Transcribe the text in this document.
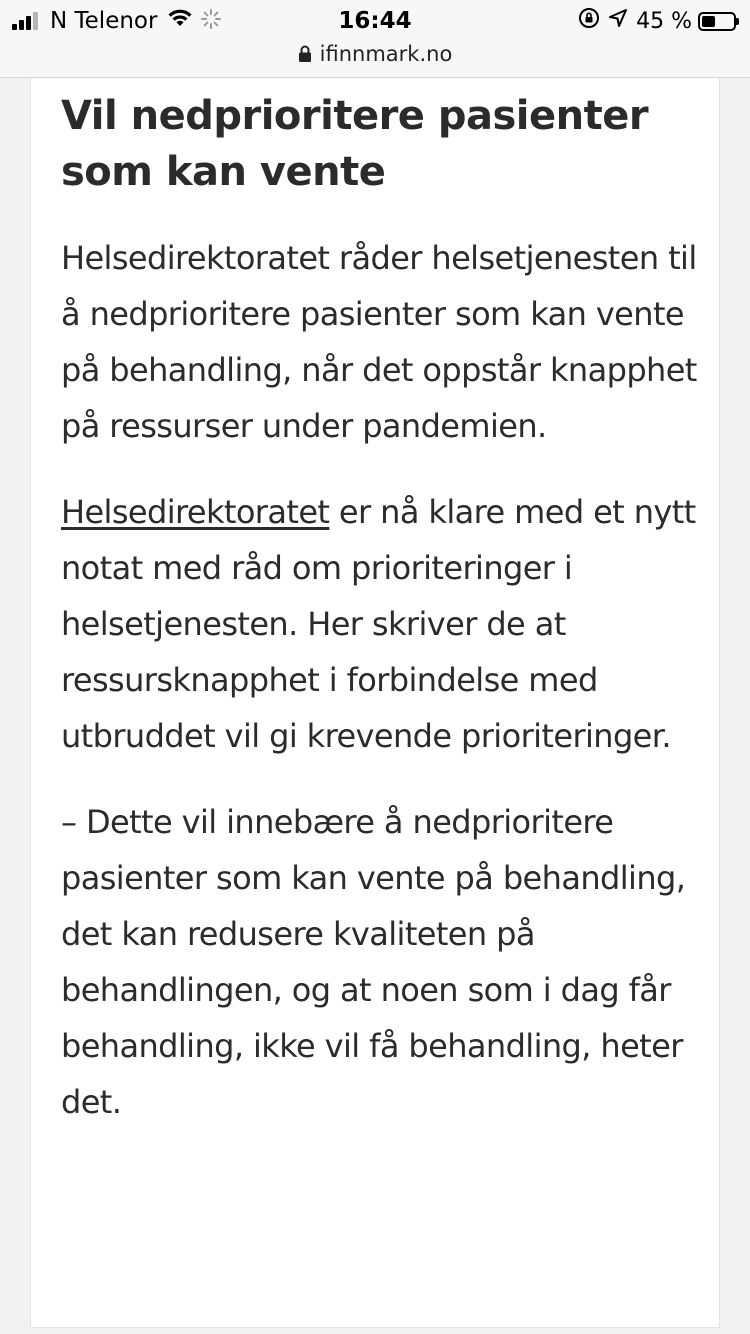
N Telenor	16:44	45 %
ifinnmark.no
Vil nedprioritere pasienter som kan vente

Helsedirektoratet råder helsetjenesten til å nedprioritere pasienter som kan vente på behandling, når det oppstår knapphet på ressurser under pandemien.

Helsedirektoratet er nå klare med et nytt notat med råd om prioriteringer i helsetjenesten. Her skriver de at ressursknapphet i forbindelse med utbruddet vil gi krevende prioriteringer.

– Dette vil innebære å nedprioritere pasienter som kan vente på behandling, det kan redusere kvaliteten på behandlingen, og at noen som i dag får behandling, ikke vil få behandling, heter det.
